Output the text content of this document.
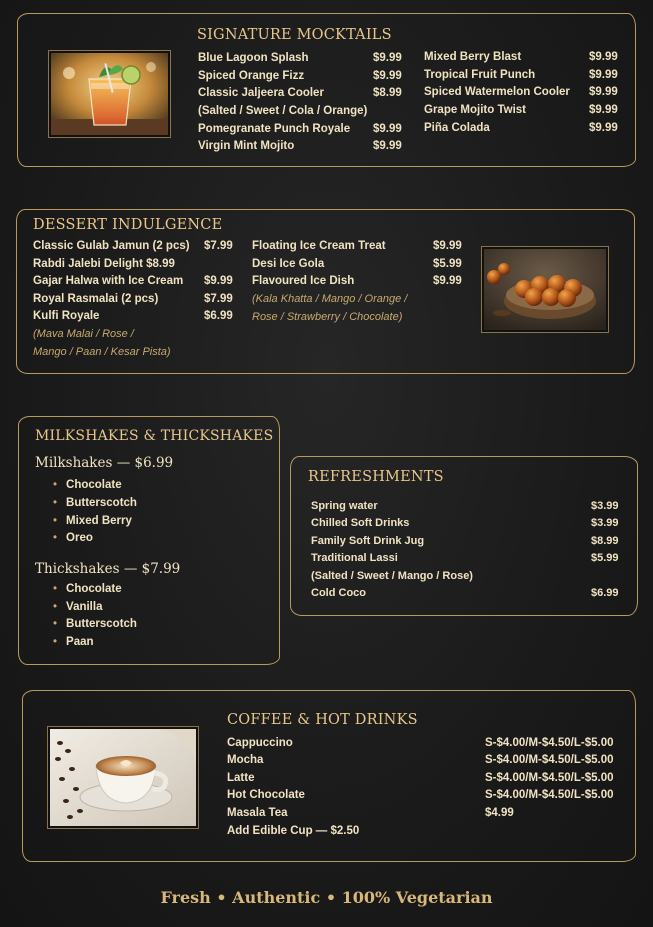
SIGNATURE MOCKTAILS
Blue Lagoon Splash	$9.99
Spiced Orange Fizz	$9.99
Classic Jaljeera Cooler	$8.99
(Salted / Sweet / Cola / Orange)
Pomegranate Punch Royale $9.99
Virgin Mint Mojito	$9.99
Mixed Berry Blast	$9.99
Tropical Fruit Punch	$9.99
Spiced Watermelon Cooler $9.99
Grape Mojito Twist	$9.99
Piña Colada	$9.99
DESSERT INDULGENCE
Classic Gulab Jamun (2 pcs) $7.99
Rabdi Jalebi Delight $8.99
Gajar Halwa with Ice Cream $9.99
Royal Rasmalai (2 pcs)	$7.99
Kulfi Royale	$6.99
(Mava Malai / Rose /
Mango / Paan / Kesar Pista)
Floating Ice Cream Treat	$9.99
Desi Ice Gola	$5.99
Flavoured Ice Dish	$9.99
(Kala Khatta / Mango / Orange /
Rose / Strawberry / Chocolate)
MILKSHAKES & THICKSHAKES
Milkshakes — $6.99
• Chocolate
• Butterscotch
• Mixed Berry
• Oreo
Thickshakes — $7.99
• Chocolate
• Vanilla
• Butterscotch
• Paan
REFRESHMENTS
Spring water	$3.99
Chilled Soft Drinks	$3.99
Family Soft Drink Jug	$8.99
Traditional Lassi	$5.99
(Salted / Sweet / Mango / Rose)
Cold Coco	$6.99
COFFEE & HOT DRINKS
Cappuccino	S-$4.00/M-$4.50/L-$5.00
Mocha	S-$4.00/M-$4.50/L-$5.00
Latte	S-$4.00/M-$4.50/L-$5.00
Hot Chocolate	S-$4.00/M-$4.50/L-$5.00
Masala Tea	$4.99
Add Edible Cup — $2.50
Fresh • Authentic • 100% Vegetarian
